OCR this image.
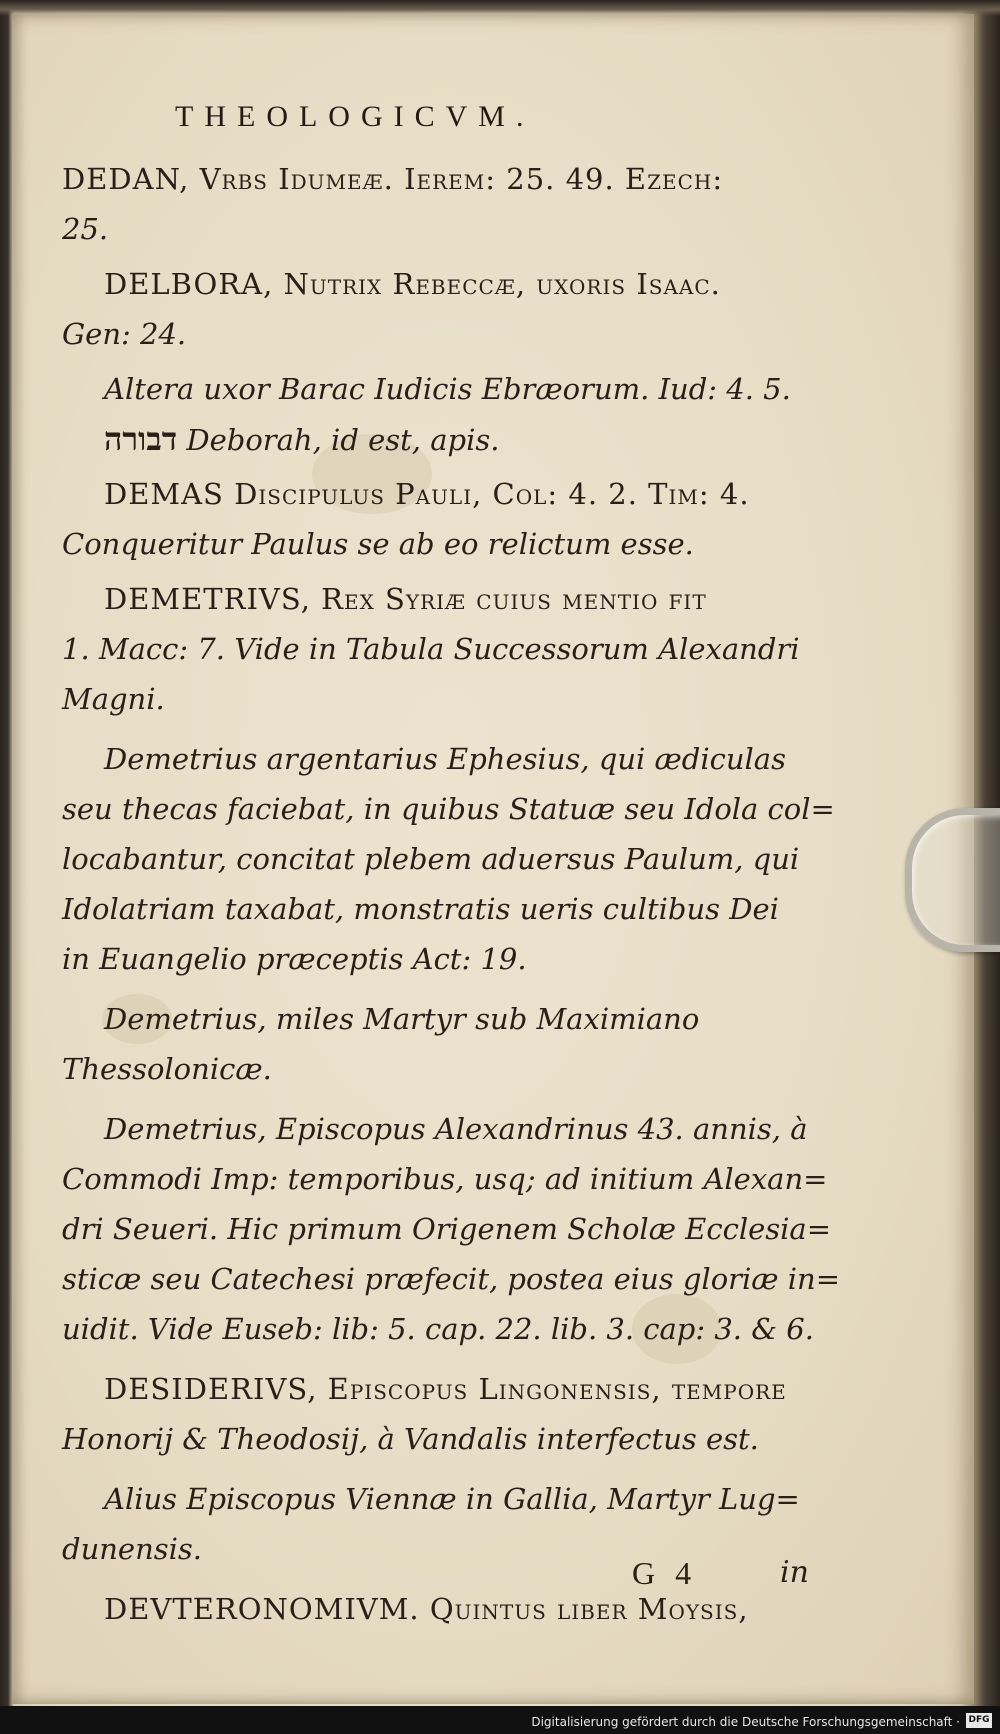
THEOLOGICVM.
DEDAN, Vrbs Idumeæ. Ierem: 25. 49. Ezech:
25.
DELBORA, Nutrix Rebeccæ, uxoris Isaac.
Gen: 24.
Altera uxor Barac Iudicis Ebræorum. Iud: 4. 5.
דבורה Deborah, id est, apis.
DEMAS Discipulus Pauli, Col: 4. 2. Tim: 4.
Conqueritur Paulus se ab eo relictum esse.
DEMETRIVS, Rex Syriæ cuius mentio fit
1. Macc: 7. Vide in Tabula Successorum Alexandri
Magni.
Demetrius argentarius Ephesius, qui ædiculas
seu thecas faciebat, in quibus Statuæ seu Idola col=
locabantur, concitat plebem aduersus Paulum, qui
Idolatriam taxabat, monstratis ueris cultibus Dei
in Euangelio præceptis Act: 19.
Demetrius, miles Martyr sub Maximiano
Thessolonicæ.
Demetrius, Episcopus Alexandrinus 43. annis, à
Commodi Imp: temporibus, usq; ad initium Alexan=
dri Seueri. Hic primum Origenem Scholæ Ecclesia=
sticæ seu Catechesi præfecit, postea eius gloriæ in=
uidit. Vide Euseb: lib: 5. cap. 22. lib. 3. cap: 3. & 6.
DESIDERIVS, Episcopus Lingonensis, tempore
Honorij & Theodosij, à Vandalis interfectus est.
Alius Episcopus Viennæ in Gallia, Martyr Lug=
dunensis.
DEVTERONOMIVM. Quintus liber Moysis,
G 4	in
Digitalisierung gefördert durch die Deutsche Forschungsgemeinschaft · DFG
